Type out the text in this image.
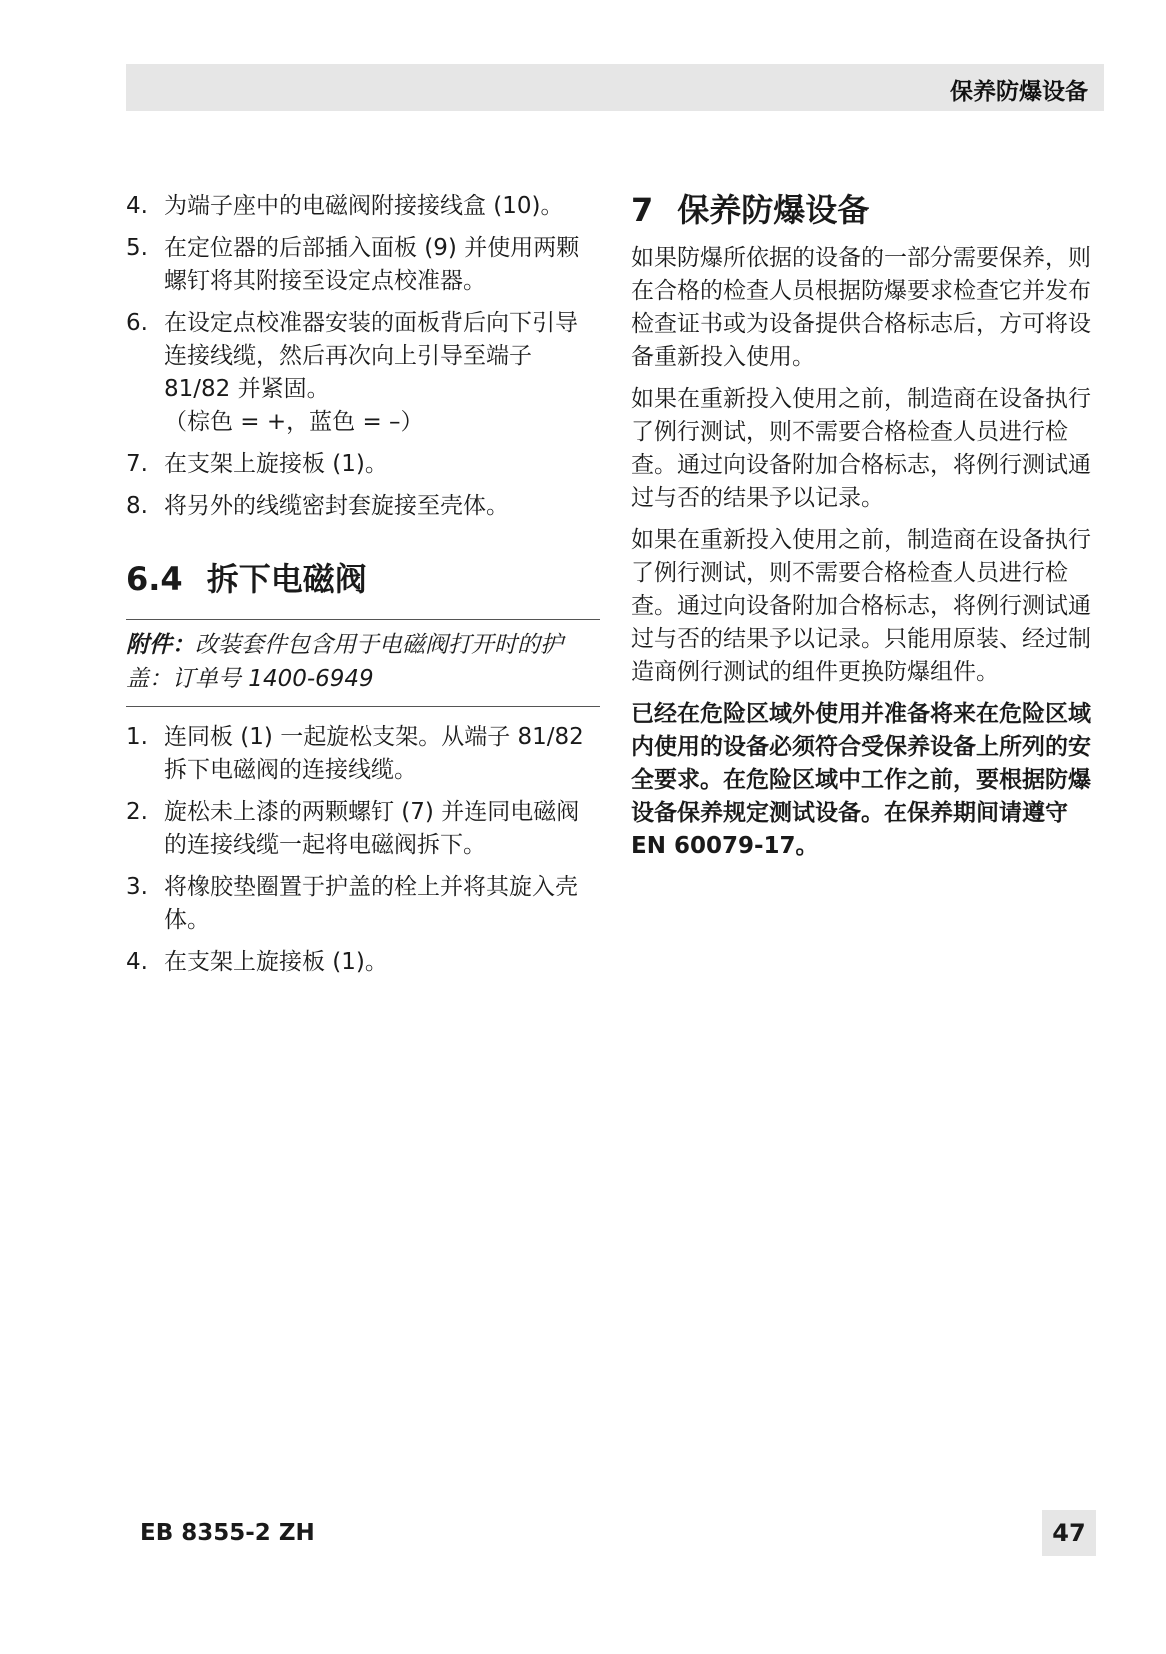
保养防爆设备
4. 为端子座中的电磁阀附接接线盒 (10)。
5. 在定位器的后部插入面板 (9) 并使用两颗螺钉将其附接至设定点校准器。
6. 在设定点校准器安装的面板背后向下引导连接线缆，然后再次向上引导至端子 81/82 并紧固。
（棕色 = +，蓝色 = –）
7. 在支架上旋接板 (1)。
8. 将另外的线缆密封套旋接至壳体。
6.4 拆下电磁阀
附件：改装套件包含用于电磁阀打开时的护盖：订单号 1400-6949
1. 连同板 (1) 一起旋松支架。从端子 81/82 拆下电磁阀的连接线缆。
2. 旋松未上漆的两颗螺钉 (7) 并连同电磁阀的连接线缆一起将电磁阀拆下。
3. 将橡胶垫圈置于护盖的栓上并将其旋入壳体。
4. 在支架上旋接板 (1)。
7 保养防爆设备

如果防爆所依据的设备的一部分需要保养，则在合格的检查人员根据防爆要求检查它并发布检查证书或为设备提供合格标志后，方可将设备重新投入使用。

如果在重新投入使用之前，制造商在设备执行了例行测试，则不需要合格检查人员进行检查。通过向设备附加合格标志，将例行测试通过与否的结果予以记录。

如果在重新投入使用之前，制造商在设备执行了例行测试，则不需要合格检查人员进行检查。通过向设备附加合格标志，将例行测试通过与否的结果予以记录。只能用原装、经过制造商例行测试的组件更换防爆组件。

已经在危险区域外使用并准备将来在危险区域内使用的设备必须符合受保养设备上所列的安全要求。在危险区域中工作之前，要根据防爆设备保养规定测试设备。在保养期间请遵守 EN 60079-17。

EB 8355-2 ZH	47
